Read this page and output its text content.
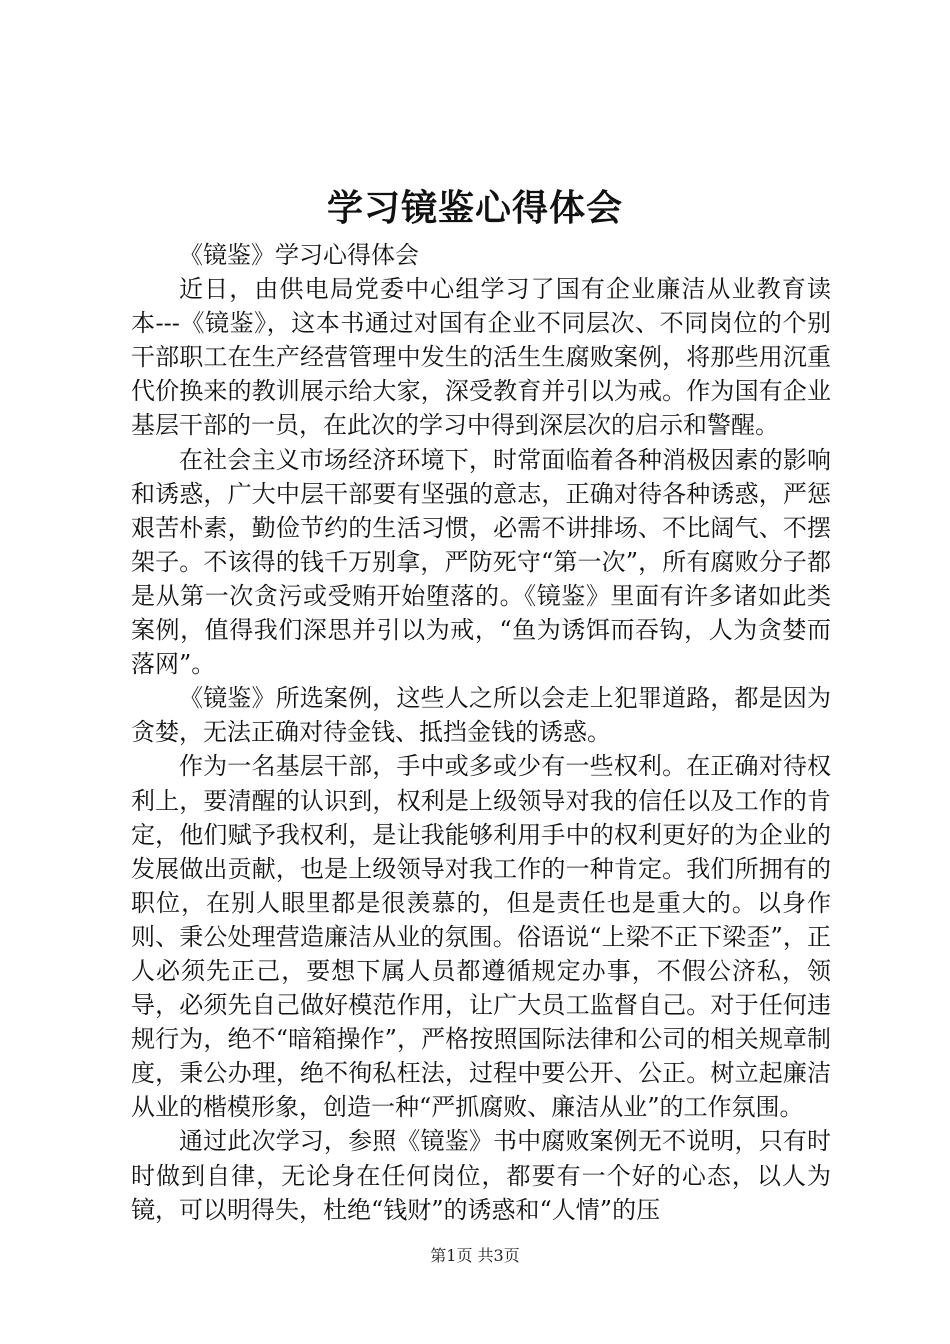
学习镜鉴心得体会

《镜鉴》学习心得体会

近日，由供电局党委中心组学习了国有企业廉洁从业教育读本---《镜鉴》，这本书通过对国有企业不同层次、不同岗位的个别干部职工在生产经营管理中发生的活生生腐败案例，将那些用沉重代价换来的教训展示给大家，深受教育并引以为戒。作为国有企业基层干部的一员，在此次的学习中得到深层次的启示和警醒。

在社会主义市场经济环境下，时常面临着各种消极因素的影响和诱惑，广大中层干部要有坚强的意志，正确对待各种诱惑，严惩艰苦朴素，勤俭节约的生活习惯，必需不讲排场、不比阔气、不摆架子。不该得的钱千万别拿，严防死守“第一次”，所有腐败分子都是从第一次贪污或受贿开始堕落的。《镜鉴》里面有许多诸如此类案例，值得我们深思并引以为戒，“鱼为诱饵而吞钩，人为贪婪而落网”。

《镜鉴》所选案例，这些人之所以会走上犯罪道路，都是因为贪婪，无法正确对待金钱、抵挡金钱的诱惑。

作为一名基层干部，手中或多或少有一些权利。在正确对待权利上，要清醒的认识到，权利是上级领导对我的信任以及工作的肯定，他们赋予我权利，是让我能够利用手中的权利更好的为企业的发展做出贡献，也是上级领导对我工作的一种肯定。我们所拥有的职位，在别人眼里都是很羡慕的，但是责任也是重大的。以身作则、秉公处理营造廉洁从业的氛围。俗语说“上梁不正下梁歪”，正人必须先正己，要想下属人员都遵循规定办事，不假公济私，领导，必须先自己做好模范作用，让广大员工监督自己。对于任何违规行为，绝不“暗箱操作”，严格按照国际法律和公司的相关规章制度，秉公办理，绝不徇私枉法，过程中要公开、公正。树立起廉洁从业的楷模形象，创造一种“严抓腐败、廉洁从业”的工作氛围。

通过此次学习，参照《镜鉴》书中腐败案例无不说明，只有时时做到自律，无论身在任何岗位，都要有一个好的心态，以人为镜，可以明得失，杜绝“钱财”的诱惑和“人情”的压

第1页 共3页
